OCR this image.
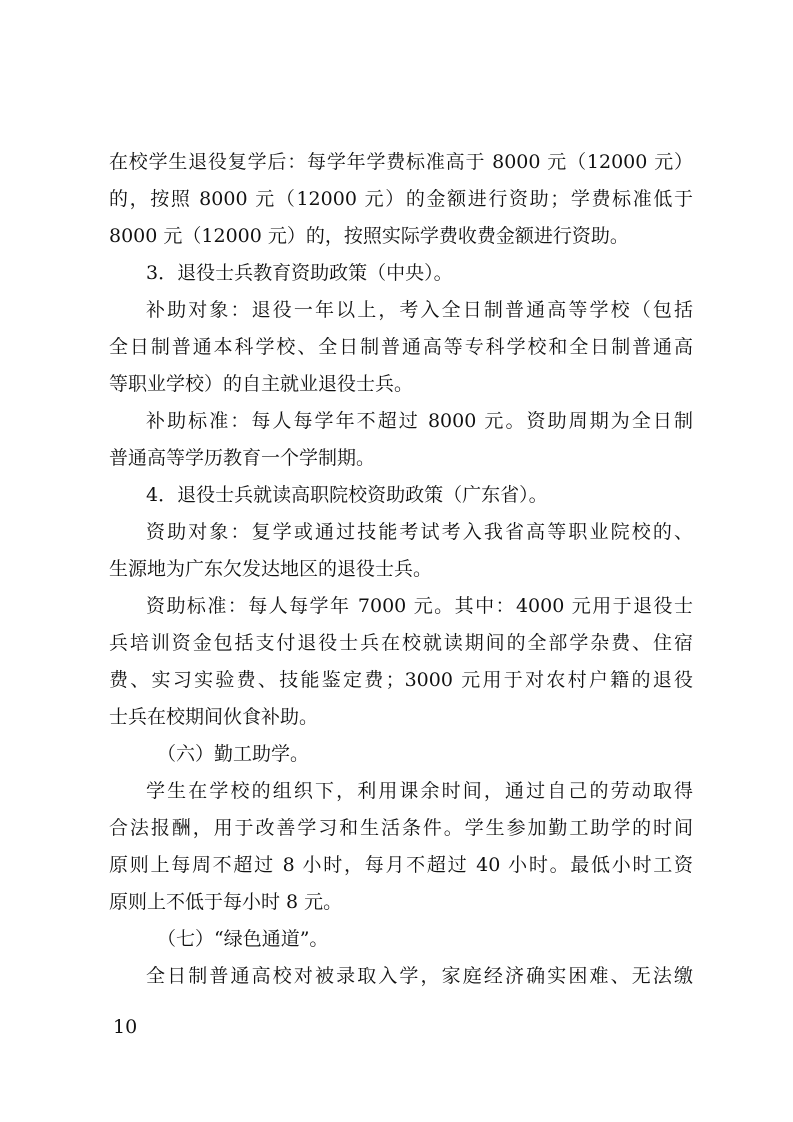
在校学生退役复学后：每学年学费标准高于 8000 元（12000 元）
的，按照 8000 元（12000 元）的金额进行资助；学费标准低于
8000 元（12000 元）的，按照实际学费收费金额进行资助。
3．退役士兵教育资助政策（中央）。
补助对象：退役一年以上，考入全日制普通高等学校（包括
全日制普通本科学校、全日制普通高等专科学校和全日制普通高
等职业学校）的自主就业退役士兵。
补助标准：每人每学年不超过 8000 元。资助周期为全日制
普通高等学历教育一个学制期。
4．退役士兵就读高职院校资助政策（广东省）。
资助对象：复学或通过技能考试考入我省高等职业院校的、
生源地为广东欠发达地区的退役士兵。
资助标准：每人每学年 7000 元。其中：4000 元用于退役士
兵培训资金包括支付退役士兵在校就读期间的全部学杂费、住宿
费、实习实验费、技能鉴定费；3000 元用于对农村户籍的退役
士兵在校期间伙食补助。
（六）勤工助学。
学生在学校的组织下，利用课余时间，通过自己的劳动取得
合法报酬，用于改善学习和生活条件。学生参加勤工助学的时间
原则上每周不超过 8 小时，每月不超过 40 小时。最低小时工资
原则上不低于每小时 8 元。
（七）“绿色通道”。
全日制普通高校对被录取入学，家庭经济确实困难、无法缴
10
